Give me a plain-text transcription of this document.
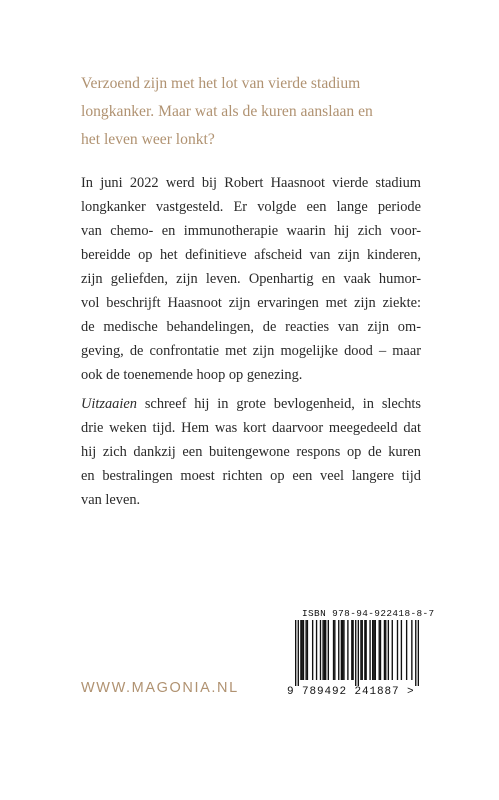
Verzoend zijn met het lot van vierde stadium
longkanker. Maar wat als de kuren aanslaan en
het leven weer lonkt?

In juni 2022 werd bij Robert Haasnoot vierde stadium
longkanker vastgesteld. Er volgde een lange periode
van chemo- en immunotherapie waarin hij zich voor-
bereidde op het definitieve afscheid van zijn kinderen,
zijn geliefden, zijn leven. Openhartig en vaak humor-
vol beschrijft Haasnoot zijn ervaringen met zijn ziekte:
de medische behandelingen, de reacties van zijn om-
geving, de confrontatie met zijn mogelijke dood – maar
ook de toenemende hoop op genezing.

Uitzaaien schreef hij in grote bevlogenheid, in slechts
drie weken tijd. Hem was kort daarvoor meegedeeld dat
hij zich dankzij een buitengewone respons op de kuren
en bestralingen moest richten op een veel langere tijd
van leven.

WWW.MAGONIA.NL
ISBN 978-94-922418-8-7
9 789492 241887 >
